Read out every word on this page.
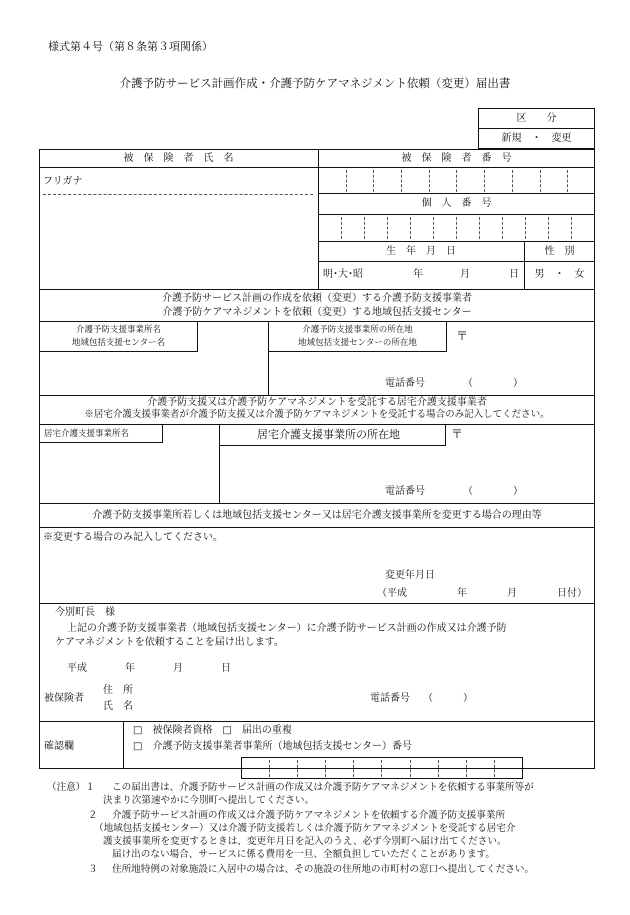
様式第４号（第８条第３項関係）
介護予防サービス計画作成・介護予防ケアマネジメント依頼（変更）届出書
区　　分
新規　・　変更
被　保　険　者　氏　名	被　保　険　者　番　号
フリガナ
個　人　番　号
生　年　月　日	性　別
明･大･昭	年	月	日	男　・　女
介護予防サービス計画の作成を依頼（変更）する介護予防支援事業者
介護予防ケアマネジメントを依頼（変更）する地域包括支援センター
介護予防支援事業所名
地域包括支援センター名
介護予防支援事業所の所在地
地域包括支援センターの所在地	〒
電話番号	（　　　　）
介護予防支援又は介護予防ケアマネジメントを受託する居宅介護支援事業者
※居宅介護支援事業者が介護予防支援又は介護予防ケアマネジメントを受託する場合のみ記入してください。
居宅介護支援事業所名	居宅介護支援事業所の所在地	〒
電話番号	（　　　　）
介護予防支援事業所若しくは地域包括支援センター又は居宅介護支援事業所を変更する場合の理由等
※変更する場合のみ記入してください。
変更年月日
（平成　　　　　年　　　　月　　　　日付）
今別町長　様
上記の介護予防支援事業者（地域包括支援センター）に介護予防サービス計画の作成又は介護予防
ケアマネジメントを依頼することを届け出します。
平成	年	月	日
被保険者
住　所
氏　名
電話番号 （　　　）
確認欄
□　被保険者資格　□　届出の重複
□　介護予防支援事業者事業所（地域包括支援センター）番号
（注意）１ この届出書は、介護予防サービス計画の作成又は介護予防ケアマネジメントを依頼する事業所等が
決まり次第速やかに今別町へ提出してください。
２ 介護予防サービス計画の作成又は介護予防ケアマネジメントを依頼する介護予防支援事業所
（地域包括支援センター）又は介護予防支援若しくは介護予防ケアマネジメントを受託する居宅介
護支援事業所を変更するときは、変更年月日を記入のうえ、必ず今別町へ届け出てください。
届け出のない場合、サービスに係る費用を一旦、全額負担していただくことがあります。
３ 住所地特例の対象施設に入居中の場合は、その施設の住所地の市町村の窓口へ提出してください。
